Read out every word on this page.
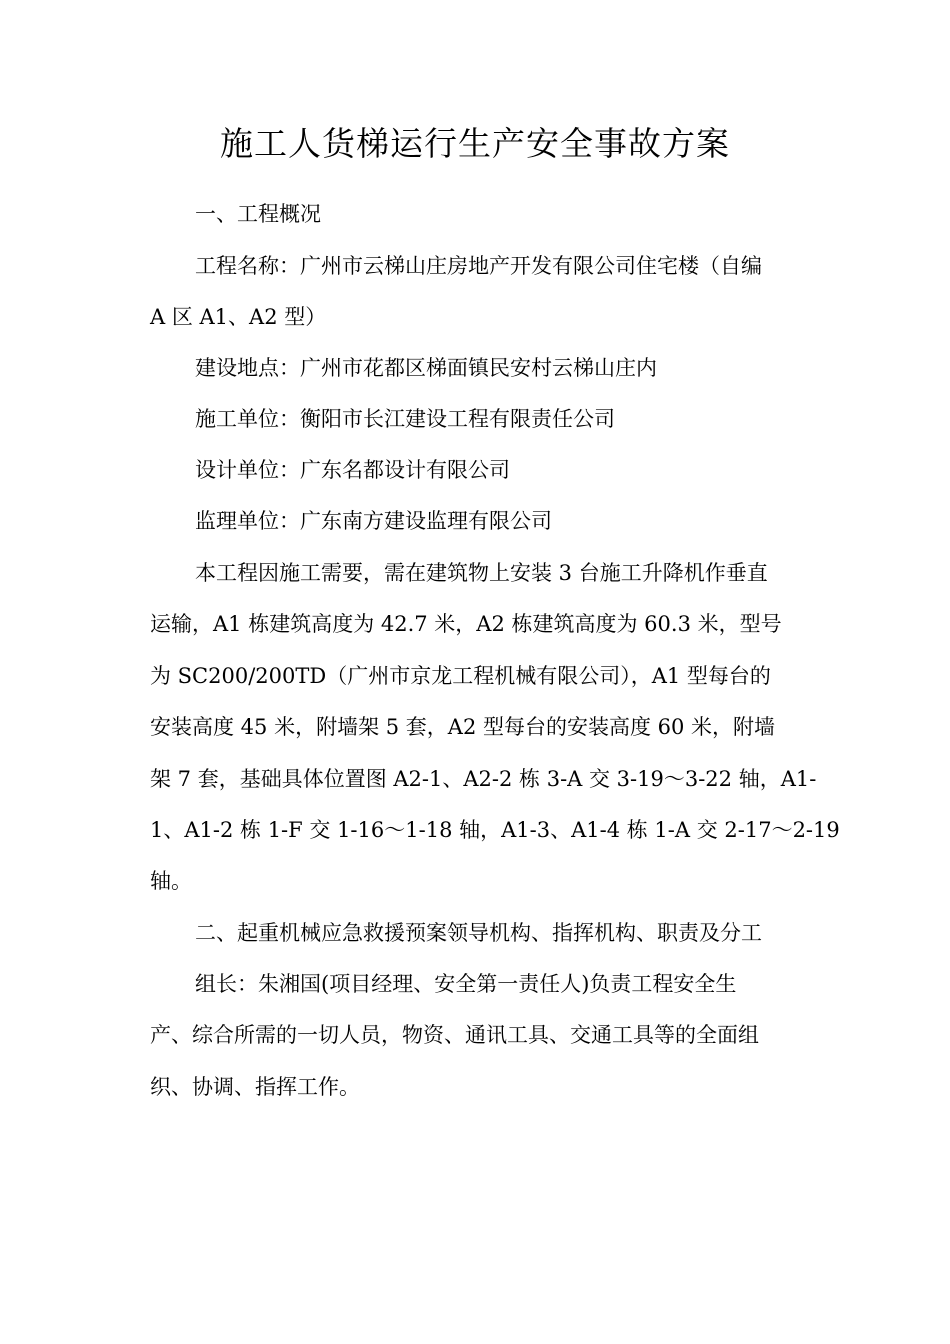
施工人货梯运行生产安全事故方案
一、工程概况
工程名称：广州市云梯山庄房地产开发有限公司住宅楼（自编
A 区 A1、A2 型）
建设地点：广州市花都区梯面镇民安村云梯山庄内
施工单位：衡阳市长江建设工程有限责任公司
设计单位：广东名都设计有限公司
监理单位：广东南方建设监理有限公司
本工程因施工需要，需在建筑物上安装 3 台施工升降机作垂直
运输，A1 栋建筑高度为 42.7 米，A2 栋建筑高度为 60.3 米，型号
为 SC200/200TD（广州市京龙工程机械有限公司），A1 型每台的
安装高度 45 米，附墙架 5 套，A2 型每台的安装高度 60 米，附墙
架 7 套，基础具体位置图 A2-1、A2-2 栋 3-A 交 3-19～3-22 轴，A1-
1、A1-2 栋 1-F 交 1-16～1-18 轴，A1-3、A1-4 栋 1-A 交 2-17～2-19
轴。
二、起重机械应急救援预案领导机构、指挥机构、职责及分工
组长：朱湘国(项目经理、安全第一责任人)负责工程安全生
产、综合所需的一切人员，物资、通讯工具、交通工具等的全面组
织、协调、指挥工作。
